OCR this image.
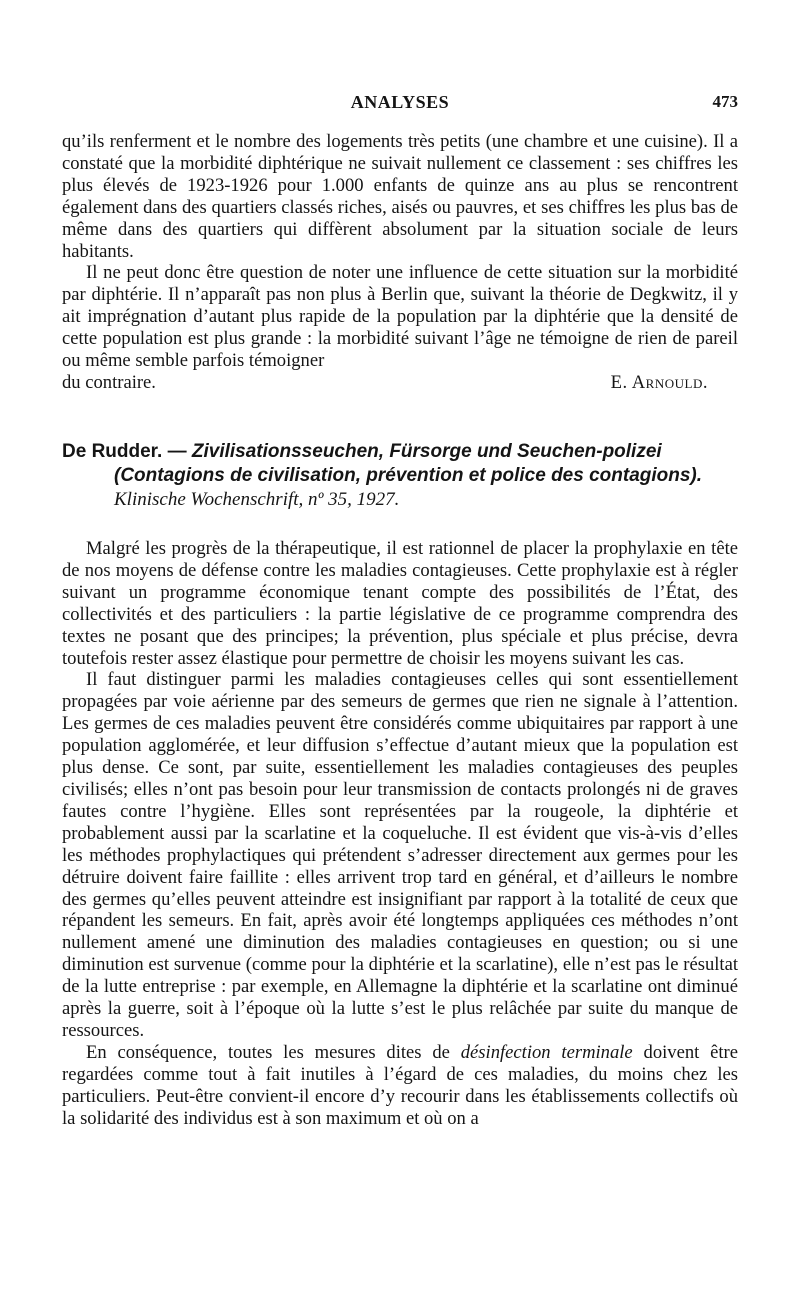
ANALYSES	473

qu’ils renferment et le nombre des logements très petits (une chambre et une cuisine). Il a constaté que la morbidité diphtérique ne suivait nullement ce classement : ses chiffres les plus élevés de 1923-1926 pour 1.000 enfants de quinze ans au plus se rencontrent également dans des quartiers classés riches, aisés ou pauvres, et ses chiffres les plus bas de même dans des quartiers qui diffèrent absolument par la situation sociale de leurs habitants.

Il ne peut donc être question de noter une influence de cette situation sur la morbidité par diphtérie. Il n’apparaît pas non plus à Berlin que, suivant la théorie de Degkwitz, il y ait imprégnation d’autant plus rapide de la population par la diphtérie que la densité de cette population est plus grande : la morbidité suivant l’âge ne témoigne de rien de pareil ou même semble parfois témoigner

du contraire.	E. Arnould.
De Rudder. — Zivilisationsseuchen, Fürsorge und Seuchen-polizei
(Contagions de civilisation, prévention et police des contagions).
Klinische Wochenschrift, nº 35, 1927.

Malgré les progrès de la thérapeutique, il est rationnel de placer la prophylaxie en tête de nos moyens de défense contre les maladies contagieuses. Cette prophylaxie est à régler suivant un programme économique tenant compte des possibilités de l’État, des collectivités et des particuliers : la partie législative de ce programme comprendra des textes ne posant que des principes; la prévention, plus spéciale et plus précise, devra toutefois rester assez élastique pour permettre de choisir les moyens suivant les cas.

Il faut distinguer parmi les maladies contagieuses celles qui sont essentiellement propagées par voie aérienne par des semeurs de germes que rien ne signale à l’attention. Les germes de ces maladies peuvent être considérés comme ubiquitaires par rapport à une population agglomérée, et leur diffusion s’effectue d’autant mieux que la population est plus dense. Ce sont, par suite, essentiellement les maladies contagieuses des peuples civilisés; elles n’ont pas besoin pour leur transmission de contacts prolongés ni de graves fautes contre l’hygiène. Elles sont représentées par la rougeole, la diphtérie et probablement aussi par la scarlatine et la coqueluche. Il est évident que vis-à-vis d’elles les méthodes prophylactiques qui prétendent s’adresser directement aux germes pour les détruire doivent faire faillite : elles arrivent trop tard en général, et d’ailleurs le nombre des germes qu’elles peuvent atteindre est insignifiant par rapport à la totalité de ceux que répandent les semeurs. En fait, après avoir été longtemps appliquées ces méthodes n’ont nullement amené une diminution des maladies contagieuses en question; ou si une diminution est survenue (comme pour la diphtérie et la scarlatine), elle n’est pas le résultat de la lutte entreprise : par exemple, en Allemagne la diphtérie et la scarlatine ont diminué après la guerre, soit à l’époque où la lutte s’est le plus relâchée par suite du manque de ressources.

En conséquence, toutes les mesures dites de désinfection terminale doivent être regardées comme tout à fait inutiles à l’égard de ces maladies, du moins chez les particuliers. Peut-être convient-il encore d’y recourir dans les établissements collectifs où la solidarité des individus est à son maximum et où on a
